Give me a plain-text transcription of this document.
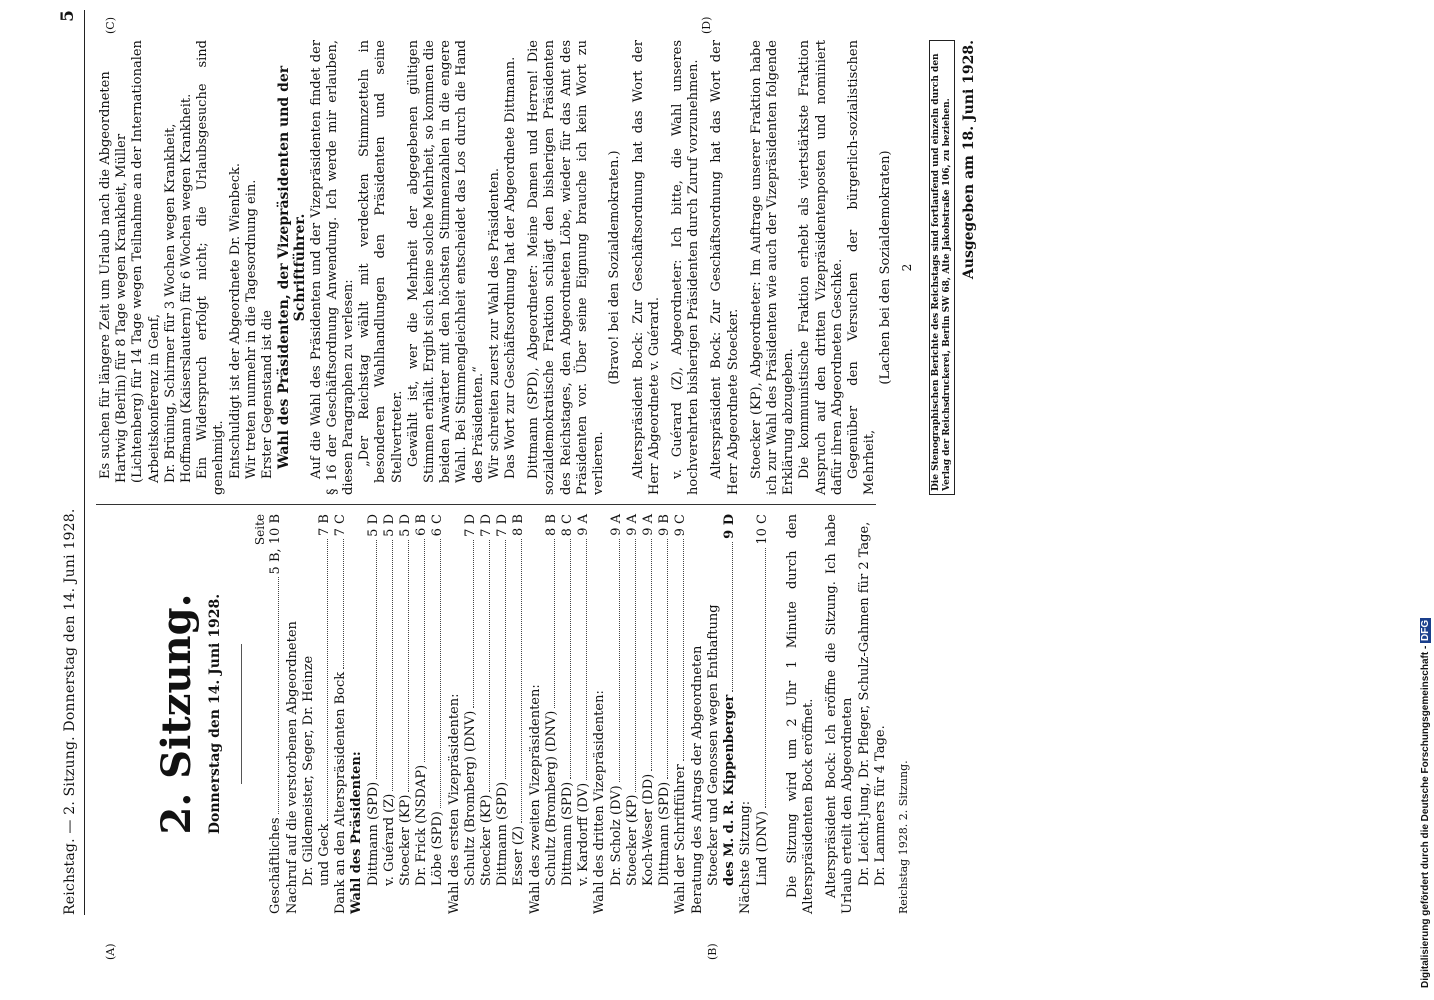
Reichstag. — 2. Sitzung. Donnerstag den 14. Juni 1928.
5
(A)	(B)
(C)	(D)
2. Sitzung. Donnerstag den 14. Juni 1928.
Seite
Geschäftliches
5 B, 10 B
Nachruf auf die verstorbenen Abgeordneten Dr. Gildemeister, Seger, Dr. Heinze und Geck
7 B
Dank an den Alterspräsidenten Bock
7 C
Wahl des Präsidenten: Dittmann (SPD)
5 D
v. Guérard (Z)
5 D
Stoecker (KP)
5 D
Dr. Frick (NSDAP)
6 B
Löbe (SPD)
6 C
Wahl des ersten Vizepräsidenten: Schultz (Bromberg) (DNV)
7 D
Stoecker (KP)
7 D
Dittmann (SPD)
7 D
Esser (Z)
8 B
Wahl des zweiten Vizepräsidenten: Schultz (Bromberg) (DNV)
8 B
Dittmann (SPD)
8 C
v. Kardorff (DV)
9 A
Wahl des dritten Vizepräsidenten: Dr. Scholz (DV)
9 A
Stoecker (KP)
9 A
Koch-Weser (DD)
9 A
Dittmann (SPD)
9 B
Wahl der Schriftführer
9 C
Beratung des Antrags der Abgeordneten Stoecker und Genossen wegen Enthaftung des M. d. R. Kippenberger
9 D
Nächste Sitzung: Lind (DNV)
10 C Die Sitzung wird um 2 Uhr 1 Minute durch den Alterspräsidenten Bock eröffnet. Alterspräsident Bock: Ich eröffne die Sitzung. Ich habe Urlaub erteilt den Abgeordneten Dr. Leicht-Jung, Dr. Pfleger, Schulz-Gahmen für 2 Tage, Dr. Lammers für 4 Tage. Reichstag 1928. 2. Sitzung.
Es suchen für längere Zeit um Urlaub nach die Abgeordneten Hartwig (Berlin) für 8 Tage wegen Krankheit, Müller (Lichtenberg) für 14 Tage wegen Teilnahme an der Internationalen Arbeitskonferenz in Genf, Dr. Brüning, Schirmer für 3 Wochen wegen Krankheit, Hoffmann (Kaiserslautern) für 6 Wochen wegen Krankheit. Ein Widerspruch erfolgt nicht; die Urlaubsgesuche sind genehmigt. Entschuldigt ist der Abgeordnete Dr. Wienbeck. Wir treten nunmehr in die Tagesordnung ein. Erster Gegenstand ist die Wahl des Präsidenten, der Vizepräsidenten und der Schriftführer. Auf die Wahl des Präsidenten und der Vizepräsidenten findet der § 16 der Geschäftsordnung Anwendung. Ich werde mir erlauben, diesen Paragraphen zu verlesen: „Der Reichstag wählt mit verdeckten Stimmzetteln in besonderen Wahlhandlungen den Präsidenten und seine Stellvertreter. Gewählt ist, wer die Mehrheit der abgegebenen gültigen Stimmen erhält. Ergibt sich keine solche Mehrheit, so kommen die beiden Anwärter mit den höchsten Stimmenzahlen in die engere Wahl. Bei Stimmengleichheit entscheidet das Los durch die Hand des Präsidenten.“ Wir schreiten zuerst zur Wahl des Präsidenten. Das Wort zur Geschäftsordnung hat der Abgeordnete Dittmann. Dittmann (SPD), Abgeordneter: Meine Damen und Herren! Die sozialdemokratische Fraktion schlägt den bisherigen Präsidenten des Reichstages, den Abgeordneten Löbe, wieder für das Amt des Präsidenten vor. Über seine Eignung brauche ich kein Wort zu verlieren.
(Bravo! bei den Sozialdemokraten.) Alterspräsident Bock: Zur Geschäftsordnung hat das Wort der Herr Abgeordnete v. Guérard. v. Guérard (Z), Abgeordneter: Ich bitte, die Wahl unseres hochverehrten bisherigen Präsidenten durch Zuruf vorzunehmen. Alterspräsident Bock: Zur Geschäftsordnung hat das Wort der Herr Abgeordnete Stoecker. Stoecker (KP), Abgeordneter: Im Auftrage unserer Fraktion habe ich zur Wahl des Präsidenten wie auch der Vizepräsidenten folgende Erklärung abzugeben. Die kommunistische Fraktion erhebt als viertstärkste Fraktion Anspruch auf den dritten Vizepräsidentenposten und nominiert dafür ihren Abgeordneten Geschke. Gegenüber den Versuchen der bürgerlich-sozialistischen Mehrheit,
(Lachen bei den Sozialdemokraten) 2 Die Stenographischen Berichte des Reichstags sind fortlaufend und einzeln durch den Verlag der Reichsdruckerei, Berlin SW 68, Alte Jakobstraße 106, zu beziehen. Ausgegeben am 18. Juni 1928.
Digitalisierung gefördert durch die Deutsche Forschungsgemeinschaft - DFG
